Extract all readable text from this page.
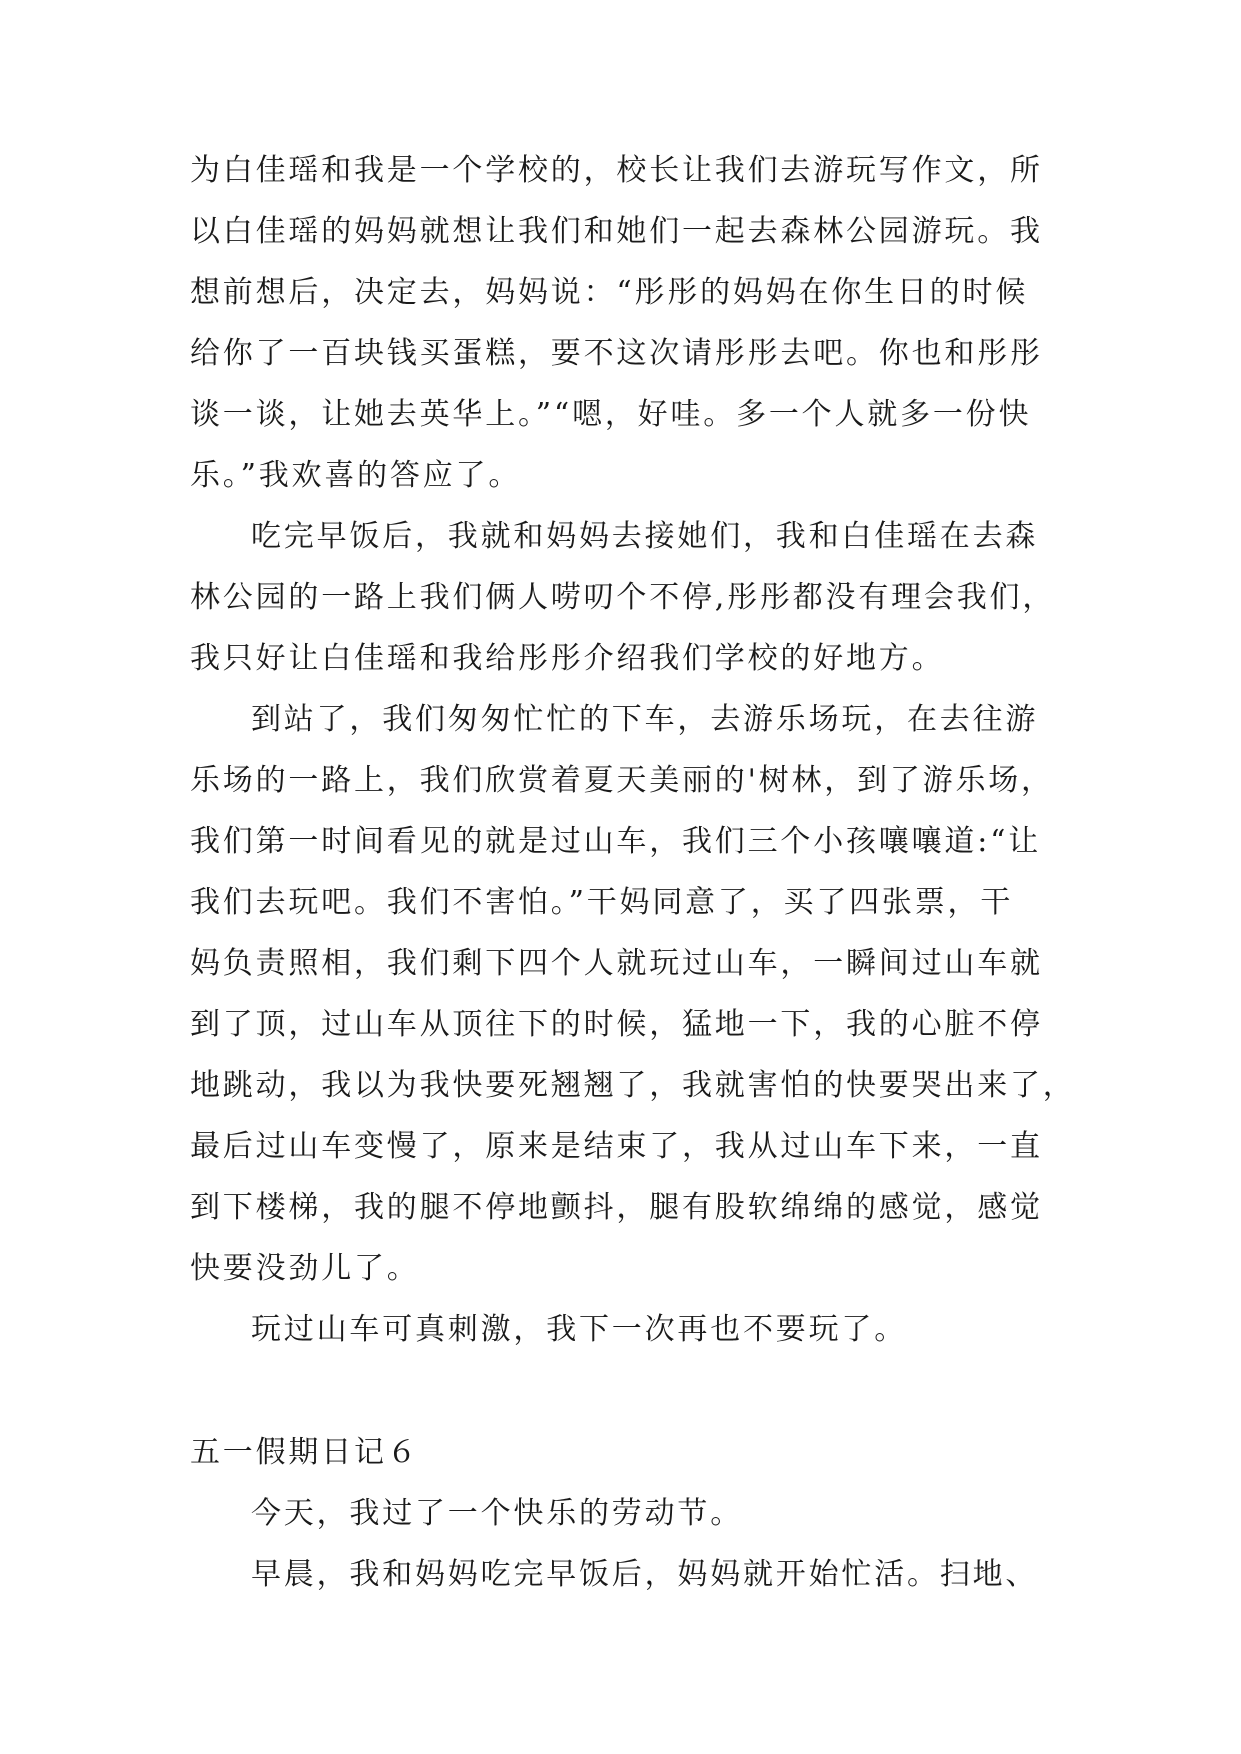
为白佳瑶和我是一个学校的，校长让我们去游玩写作文，所
以白佳瑶的妈妈就想让我们和她们一起去森林公园游玩。我
想前想后，决定去，妈妈说：“彤彤的妈妈在你生日的时候
给你了一百块钱买蛋糕，要不这次请彤彤去吧。你也和彤彤
谈一谈，让她去英华上。”“嗯，好哇。多一个人就多一份快
乐。”我欢喜的答应了。
吃完早饭后，我就和妈妈去接她们，我和白佳瑶在去森
林公园的一路上我们俩人唠叨个不停,彤彤都没有理会我们，
我只好让白佳瑶和我给彤彤介绍我们学校的好地方。
到站了，我们匆匆忙忙的下车，去游乐场玩，在去往游
乐场的一路上，我们欣赏着夏天美丽的'树林，到了游乐场，
我们第一时间看见的就是过山车，我们三个小孩嚷嚷道:“让
我们去玩吧。我们不害怕。”干妈同意了，买了四张票，干
妈负责照相，我们剩下四个人就玩过山车，一瞬间过山车就
到了顶，过山车从顶往下的时候，猛地一下，我的心脏不停
地跳动，我以为我快要死翘翘了，我就害怕的快要哭出来了，
最后过山车变慢了，原来是结束了，我从过山车下来，一直
到下楼梯，我的腿不停地颤抖，腿有股软绵绵的感觉，感觉
快要没劲儿了。
玩过山车可真刺激，我下一次再也不要玩了。
五一假期日记６
今天，我过了一个快乐的劳动节。
早晨，我和妈妈吃完早饭后，妈妈就开始忙活。扫地、
